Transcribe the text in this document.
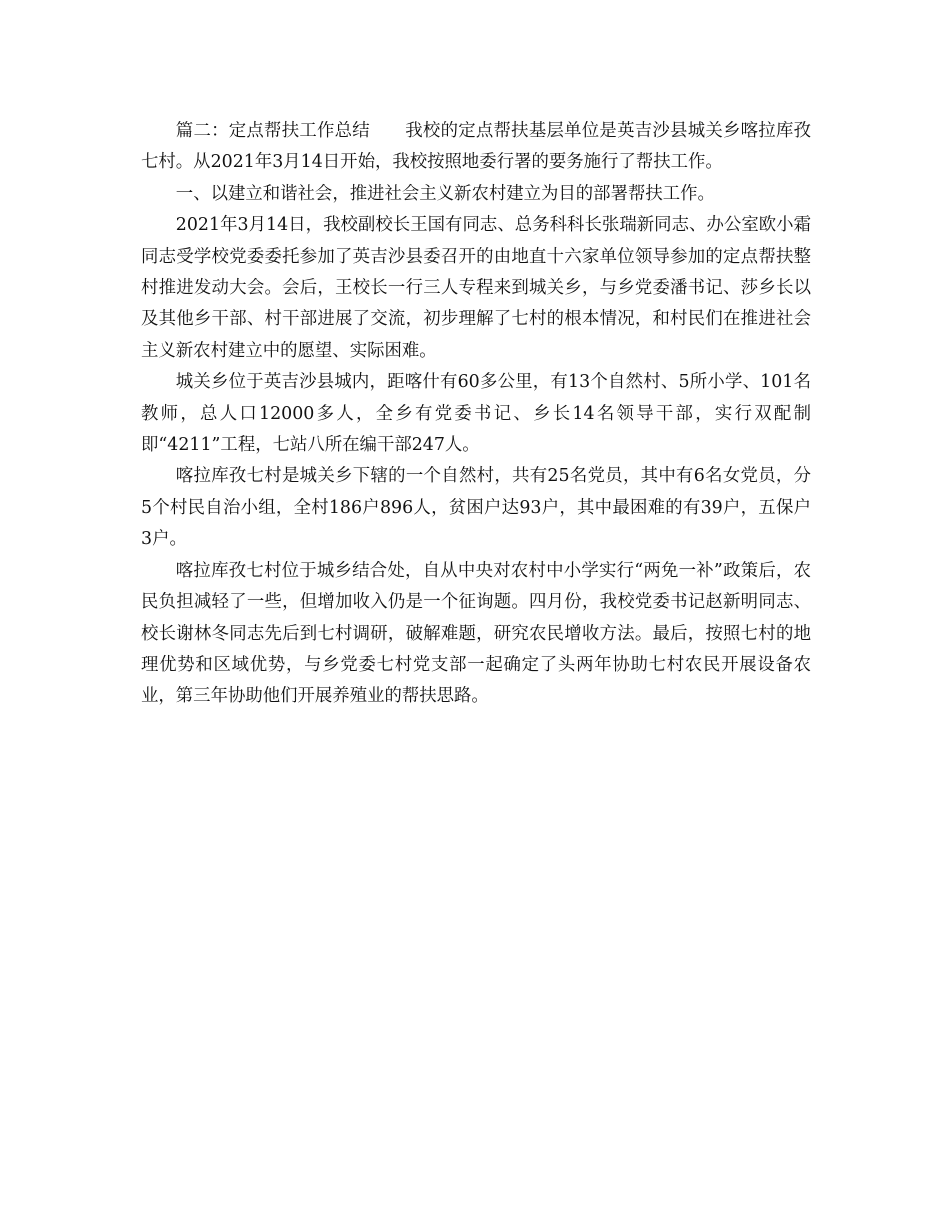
篇二：定点帮扶工作总结　　我校的定点帮扶基层单位是英吉沙县城关乡喀拉库孜七村。从2021年3月14日开始，我校按照地委行署的要务施行了帮扶工作。

一、以建立和谐社会，推进社会主义新农村建立为目的部署帮扶工作。

2021年3月14日，我校副校长王国有同志、总务科科长张瑞新同志、办公室欧小霜同志受学校党委委托参加了英吉沙县委召开的由地直十六家单位领导参加的定点帮扶整村推进发动大会。会后，王校长一行三人专程来到城关乡，与乡党委潘书记、莎乡长以及其他乡干部、村干部进展了交流，初步理解了七村的根本情况，和村民们在推进社会主义新农村建立中的愿望、实际困难。

城关乡位于英吉沙县城内，距喀什有60多公里，有13个自然村、5所小学、101名教师，总人口12000多人，全乡有党委书记、乡长14名领导干部，实行双配制即“4211”工程，七站八所在编干部247人。

喀拉库孜七村是城关乡下辖的一个自然村，共有25名党员，其中有6名女党员，分5个村民自治小组，全村186户896人，贫困户达93户，其中最困难的有39户，五保户3户。

喀拉库孜七村位于城乡结合处，自从中央对农村中小学实行“两免一补”政策后，农民负担减轻了一些，但增加收入仍是一个征询题。四月份，我校党委书记赵新明同志、校长谢林冬同志先后到七村调研，破解难题，研究农民增收方法。最后，按照七村的地理优势和区域优势，与乡党委七村党支部一起确定了头两年协助七村农民开展设备农业，第三年协助他们开展养殖业的帮扶思路。
